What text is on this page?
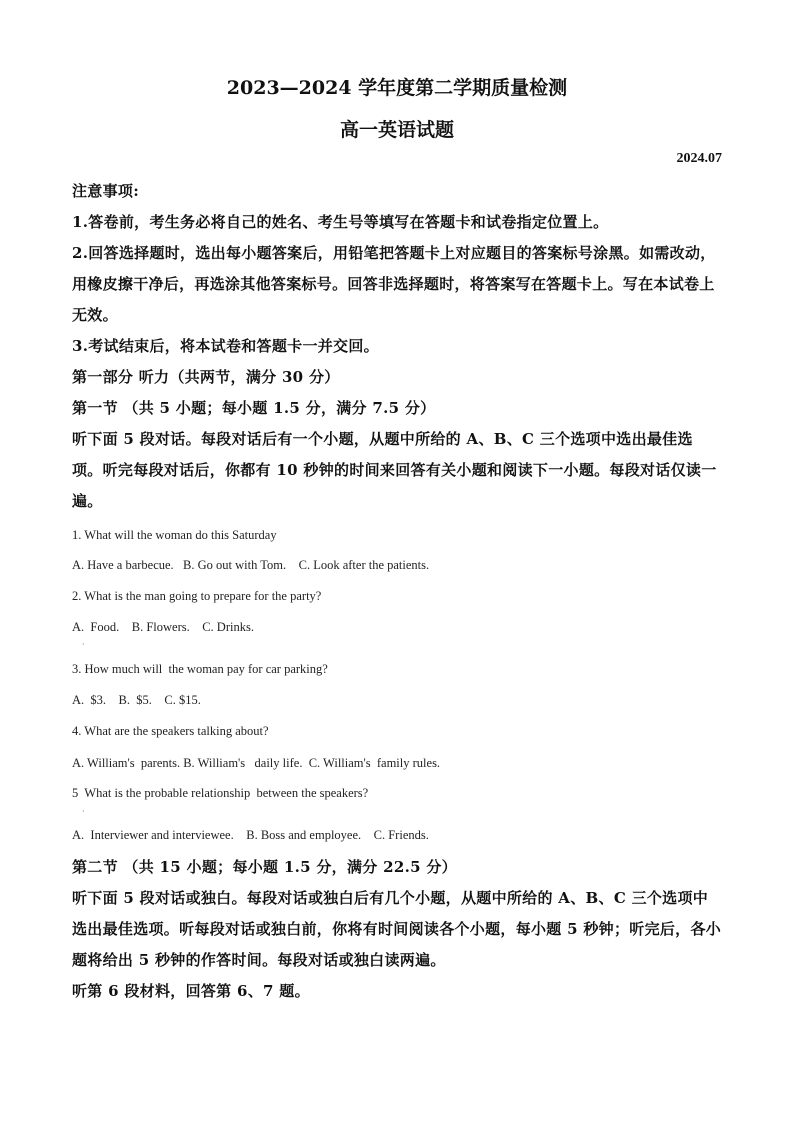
2023—2024 学年度第二学期质量检测
高一英语试题
2024.07
注意事项:
1.答卷前，考生务必将自己的姓名、考生号等填写在答题卡和试卷指定位置上。
2.回答选择题时，选出每小题答案后，用铅笔把答题卡上对应题目的答案标号涂黑。如需改动，用橡皮擦干净后，再选涂其他答案标号。回答非选择题时，将答案写在答题卡上。写在本试卷上无效。
3.考试结束后，将本试卷和答题卡一并交回。
第一部分 听力（共两节，满分 30 分）
第一节 （共 5 小题；每小题 1.5 分，满分 7.5 分）
听下面 5 段对话。每段对话后有一个小题，从题中所给的 A、B、C 三个选项中选出最佳选项。听完每段对话后，你都有 10 秒钟的时间来回答有关小题和阅读下一小题。每段对话仅读一遍。
1. What will the woman do this Saturday
A. Have a barbecue.   B. Go out with Tom.    C. Look after the patients.
2. What is the man going to prepare for the party?
A.  Food.    B. Flowers.    C. Drinks.
·
3. How much will  the woman pay for car parking?
A.  $3.    B.  $5.    C. $15.
4. What are the speakers talking about?
A. William's  parents. B. William's   daily life.  C. William's  family rules.
5  What is the probable relationship  between the speakers?
·
A.  Interviewer and interviewee.    B. Boss and employee.    C. Friends.
第二节 （共 15 小题；每小题 1.5 分，满分 22.5 分）
听下面 5 段对话或独白。每段对话或独白后有几个小题，从题中所给的 A、B、C 三个选项中选出最佳选项。听每段对话或独白前，你将有时间阅读各个小题，每小题 5 秒钟；听完后，各小题将给出 5 秒钟的作答时间。每段对话或独白读两遍。
听第 6 段材料，回答第 6、7 题。
